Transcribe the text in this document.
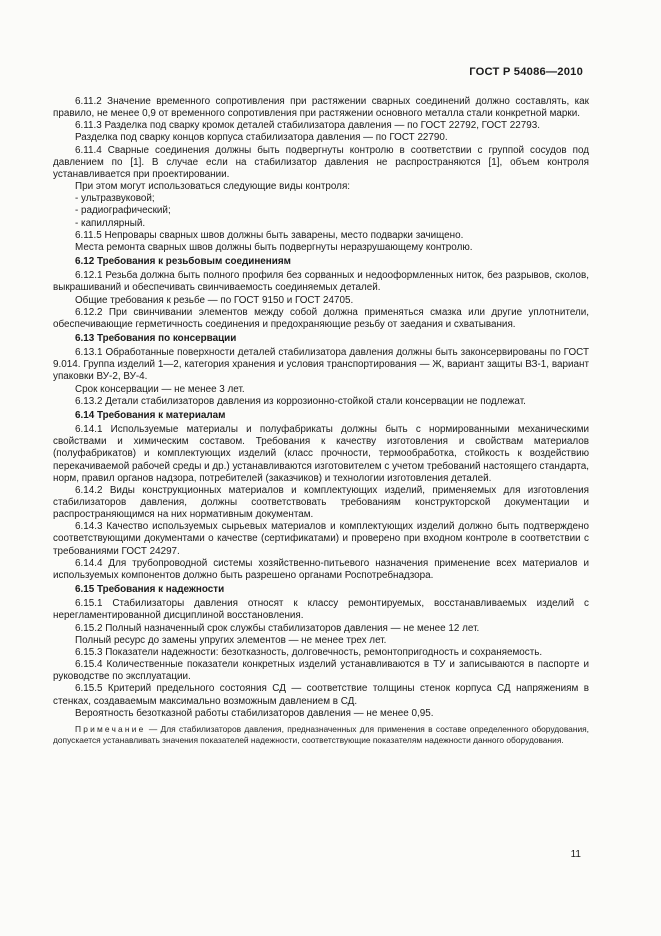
ГОСТ Р 54086—2010

6.11.2 Значение временного сопротивления при растяжении сварных соединений должно составлять, как правило, не менее 0,9 от временного сопротивления при растяжении основного металла стали конкретной марки.

6.11.3 Разделка под сварку кромок деталей стабилизатора давления — по ГОСТ 22792, ГОСТ 22793.

Разделка под сварку концов корпуса стабилизатора давления — по ГОСТ 22790.

6.11.4 Сварные соединения должны быть подвергнуты контролю в соответствии с группой сосудов под давлением по [1]. В случае если на стабилизатор давления не распространяются [1], объем контроля устанавливается при проектировании.

При этом могут использоваться следующие виды контроля:

- ультразвуковой;

- радиографический;

- капиллярный.

6.11.5 Непровары сварных швов должны быть заварены, место подварки зачищено.

Места ремонта сварных швов должны быть подвергнуты неразрушающему контролю.

6.12 Требования к резьбовым соединениям

6.12.1 Резьба должна быть полного профиля без сорванных и недооформленных ниток, без разрывов, сколов, выкрашиваний и обеспечивать свинчиваемость соединяемых деталей.

Общие требования к резьбе — по ГОСТ 9150 и ГОСТ 24705.

6.12.2 При свинчивании элементов между собой должна применяться смазка или другие уплотнители, обеспечивающие герметичность соединения и предохраняющие резьбу от заедания и схватывания.

6.13 Требования по консервации

6.13.1 Обработанные поверхности деталей стабилизатора давления должны быть законсервированы по ГОСТ 9.014. Группа изделий 1—2, категория хранения и условия транспортирования — Ж, вариант защиты ВЗ-1, вариант упаковки ВУ-2, ВУ-4.

Срок консервации — не менее 3 лет.

6.13.2 Детали стабилизаторов давления из коррозионно-стойкой стали консервации не подлежат.

6.14 Требования к материалам

6.14.1 Используемые материалы и полуфабрикаты должны быть с нормированными механическими свойствами и химическим составом. Требования к качеству изготовления и свойствам материалов (полуфабрикатов) и комплектующих изделий (класс прочности, термообработка, стойкость к воздействию перекачиваемой рабочей среды и др.) устанавливаются изготовителем с учетом требований настоящего стандарта, норм, правил органов надзора, потребителей (заказчиков) и технологии изготовления деталей.

6.14.2 Виды конструкционных материалов и комплектующих изделий, применяемых для изготовления стабилизаторов давления, должны соответствовать требованиям конструкторской документации и распространяющимся на них нормативным документам.

6.14.3 Качество используемых сырьевых материалов и комплектующих изделий должно быть подтверждено соответствующими документами о качестве (сертификатами) и проверено при входном контроле в соответствии с требованиями ГОСТ 24297.

6.14.4 Для трубопроводной системы хозяйственно-питьевого назначения применение всех материалов и используемых компонентов должно быть разрешено органами Роспотребнадзора.

6.15 Требования к надежности

6.15.1 Стабилизаторы давления относят к классу ремонтируемых, восстанавливаемых изделий с нерегламентированной дисциплиной восстановления.

6.15.2 Полный назначенный срок службы стабилизаторов давления — не менее 12 лет.

Полный ресурс до замены упругих элементов — не менее трех лет.

6.15.3 Показатели надежности: безотказность, долговечность, ремонтопригодность и сохраняемость.

6.15.4 Количественные показатели конкретных изделий устанавливаются в ТУ и записываются в паспорте и руководстве по эксплуатации.

6.15.5 Критерий предельного состояния СД — соответствие толщины стенок корпуса СД напряжениям в стенках, создаваемым максимально возможным давлением в СД.

Вероятность безотказной работы стабилизаторов давления — не менее 0,95.

Примечание — Для стабилизаторов давления, предназначенных для применения в составе определенного оборудования, допускается устанавливать значения показателей надежности, соответствующие показателям надежности данного оборудования.

11
